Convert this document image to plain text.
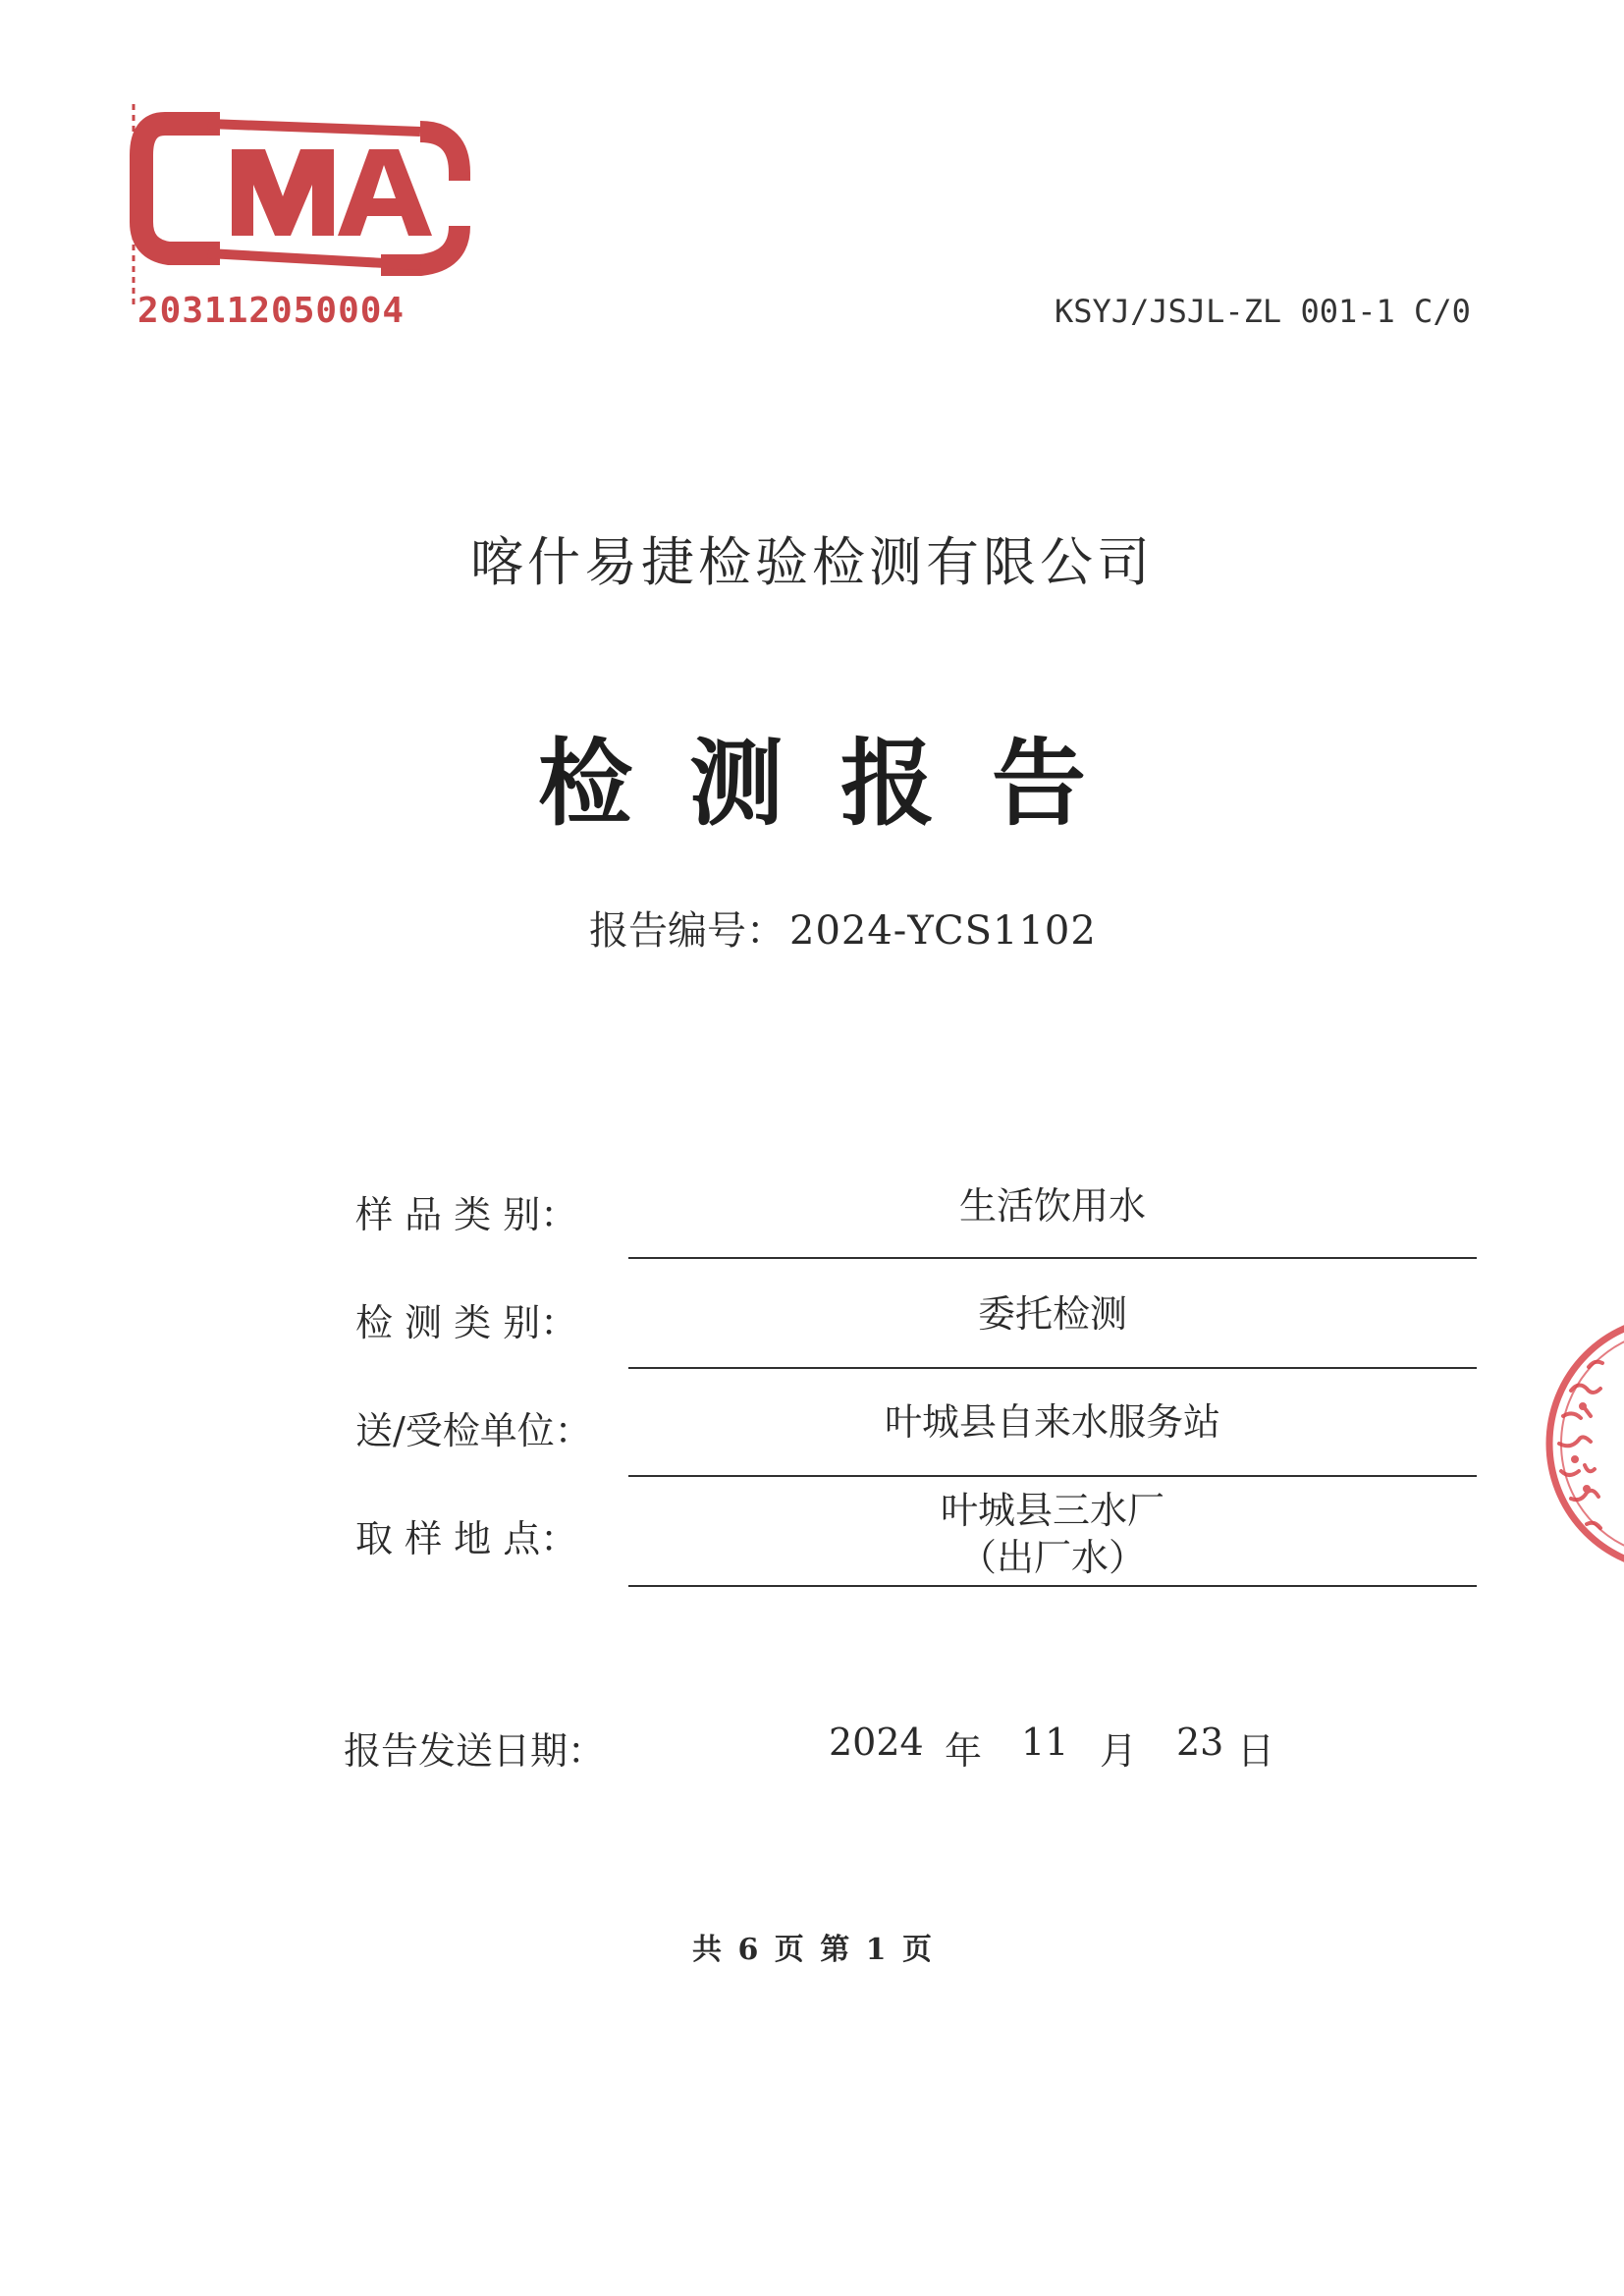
203112050004	KSYJ/JSJL-ZL 001-1 C/0
喀什易捷检验检测有限公司
检测报告
报告编号： 2024-YCS1102
样 品 类 别：	生活饮用水
检 测 类 别：	委托检测
送/受检单位：	叶城县自来水服务站
取 样 地 点：
叶城县三水厂
（出厂水）
报告发送日期：	2024 年 11 月 23 日
共 6 页 第 1 页
